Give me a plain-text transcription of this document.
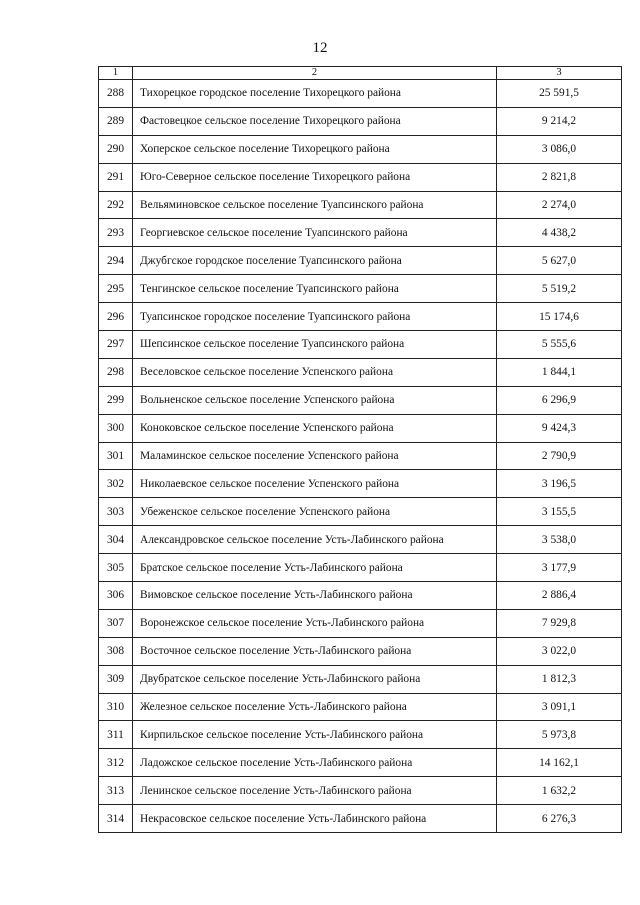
12
1	2	3
288	Тихорецкое городское поселение Тихорецкого района	25 591,5
289	Фастовецкое сельское поселение Тихорецкого района	9 214,2
290	Хоперское сельское поселение Тихорецкого района	3 086,0
291	Юго-Северное сельское поселение Тихорецкого района	2 821,8
292	Вельяминовское сельское поселение Туапсинского района	2 274,0
293	Георгиевское сельское поселение Туапсинского района	4 438,2
294	Джубгское городское поселение Туапсинского района	5 627,0
295	Тенгинское сельское поселение Туапсинского района	5 519,2
296	Туапсинское городское поселение Туапсинского района	15 174,6
297	Шепсинское сельское поселение Туапсинского района	5 555,6
298	Веселовское сельское поселение Успенского района	1 844,1
299	Вольненское сельское поселение Успенского района	6 296,9
300	Коноковское сельское поселение Успенского района	9 424,3
301	Маламинское сельское поселение Успенского района	2 790,9
302	Николаевское сельское поселение Успенского района	3 196,5
303	Убеженское сельское поселение Успенского района	3 155,5
304	Александровское сельское поселение Усть-Лабинского района	3 538,0
305	Братское сельское поселение Усть-Лабинского района	3 177,9
306	Вимовское сельское поселение Усть-Лабинского района	2 886,4
307	Воронежское сельское поселение Усть-Лабинского района	7 929,8
308	Восточное сельское поселение Усть-Лабинского района	3 022,0
309	Двубратское сельское поселение Усть-Лабинского района	1 812,3
310	Железное сельское поселение Усть-Лабинского района	3 091,1
311	Кирпильское сельское поселение Усть-Лабинского района	5 973,8
312	Ладожское сельское поселение Усть-Лабинского района	14 162,1
313	Ленинское сельское поселение Усть-Лабинского района	1 632,2
314	Некрасовское сельское поселение Усть-Лабинского района	6 276,3
